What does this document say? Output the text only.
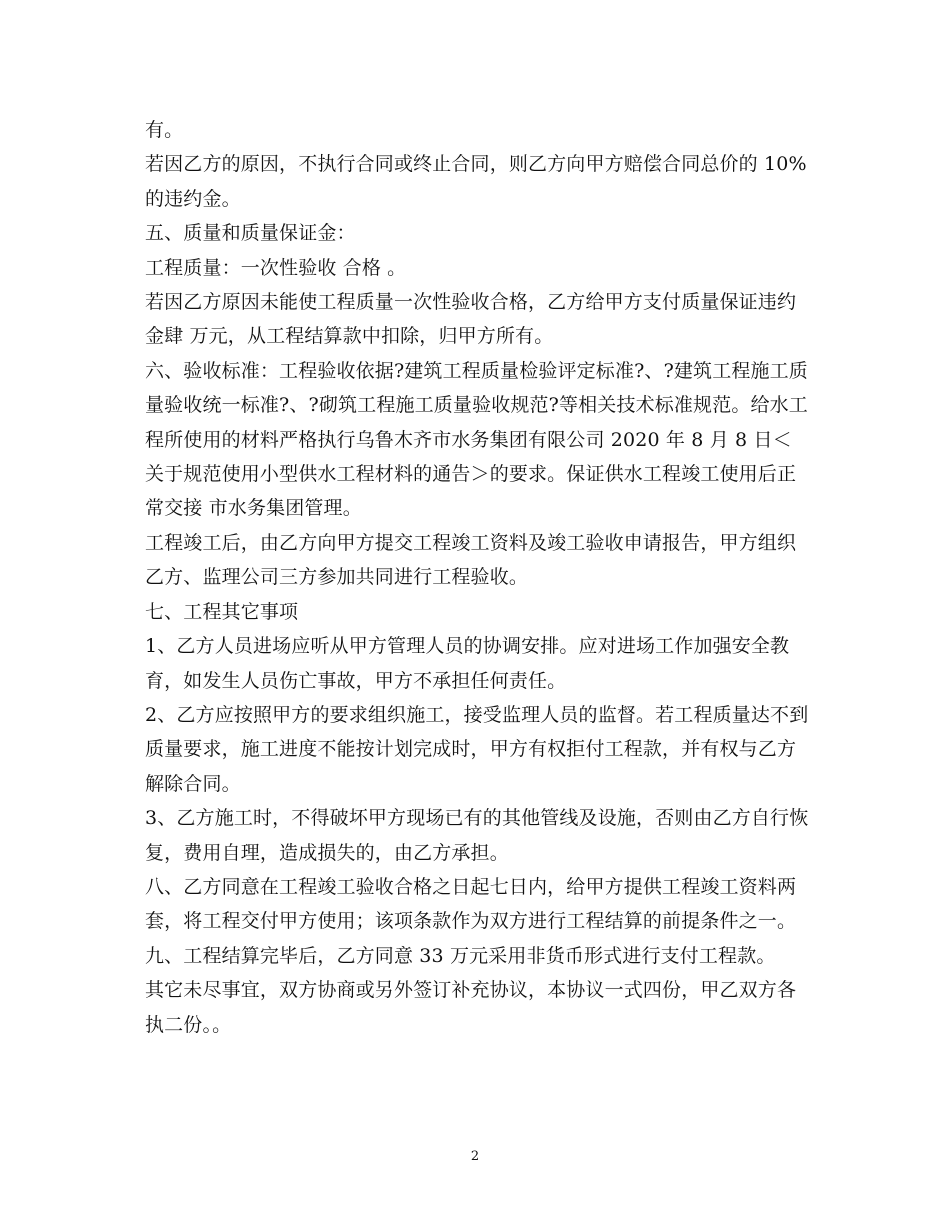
有。

若因乙方的原因，不执行合同或终止合同，则乙方向甲方赔偿合同总价的 10%的违约金。

五、质量和质量保证金：

工程质量：一次性验收 合格 。

若因乙方原因未能使工程质量一次性验收合格，乙方给甲方支付质量保证违约金肆 万元，从工程结算款中扣除，归甲方所有。

六、验收标准：工程验收依据?建筑工程质量检验评定标准?、?建筑工程施工质量验收统一标准?、?砌筑工程施工质量验收规范?等相关技术标准规范。给水工程所使用的材料严格执行乌鲁木齐市水务集团有限公司 2020 年 8 月 8 日＜关于规范使用小型供水工程材料的通告＞的要求。保证供水工程竣工使用后正常交接 市水务集团管理。

工程竣工后，由乙方向甲方提交工程竣工资料及竣工验收申请报告，甲方组织乙方、监理公司三方参加共同进行工程验收。

七、工程其它事项

1、乙方人员进场应听从甲方管理人员的协调安排。应对进场工作加强安全教育，如发生人员伤亡事故，甲方不承担任何责任。

2、乙方应按照甲方的要求组织施工，接受监理人员的监督。若工程质量达不到质量要求，施工进度不能按计划完成时，甲方有权拒付工程款，并有权与乙方解除合同。

3、乙方施工时，不得破坏甲方现场已有的其他管线及设施，否则由乙方自行恢复，费用自理，造成损失的，由乙方承担。

八、乙方同意在工程竣工验收合格之日起七日内，给甲方提供工程竣工资料两套，将工程交付甲方使用；该项条款作为双方进行工程结算的前提条件之一。

九、工程结算完毕后，乙方同意 33 万元采用非货币形式进行支付工程款。

其它未尽事宜，双方协商或另外签订补充协议，本协议一式四份，甲乙双方各执二份。。

2
